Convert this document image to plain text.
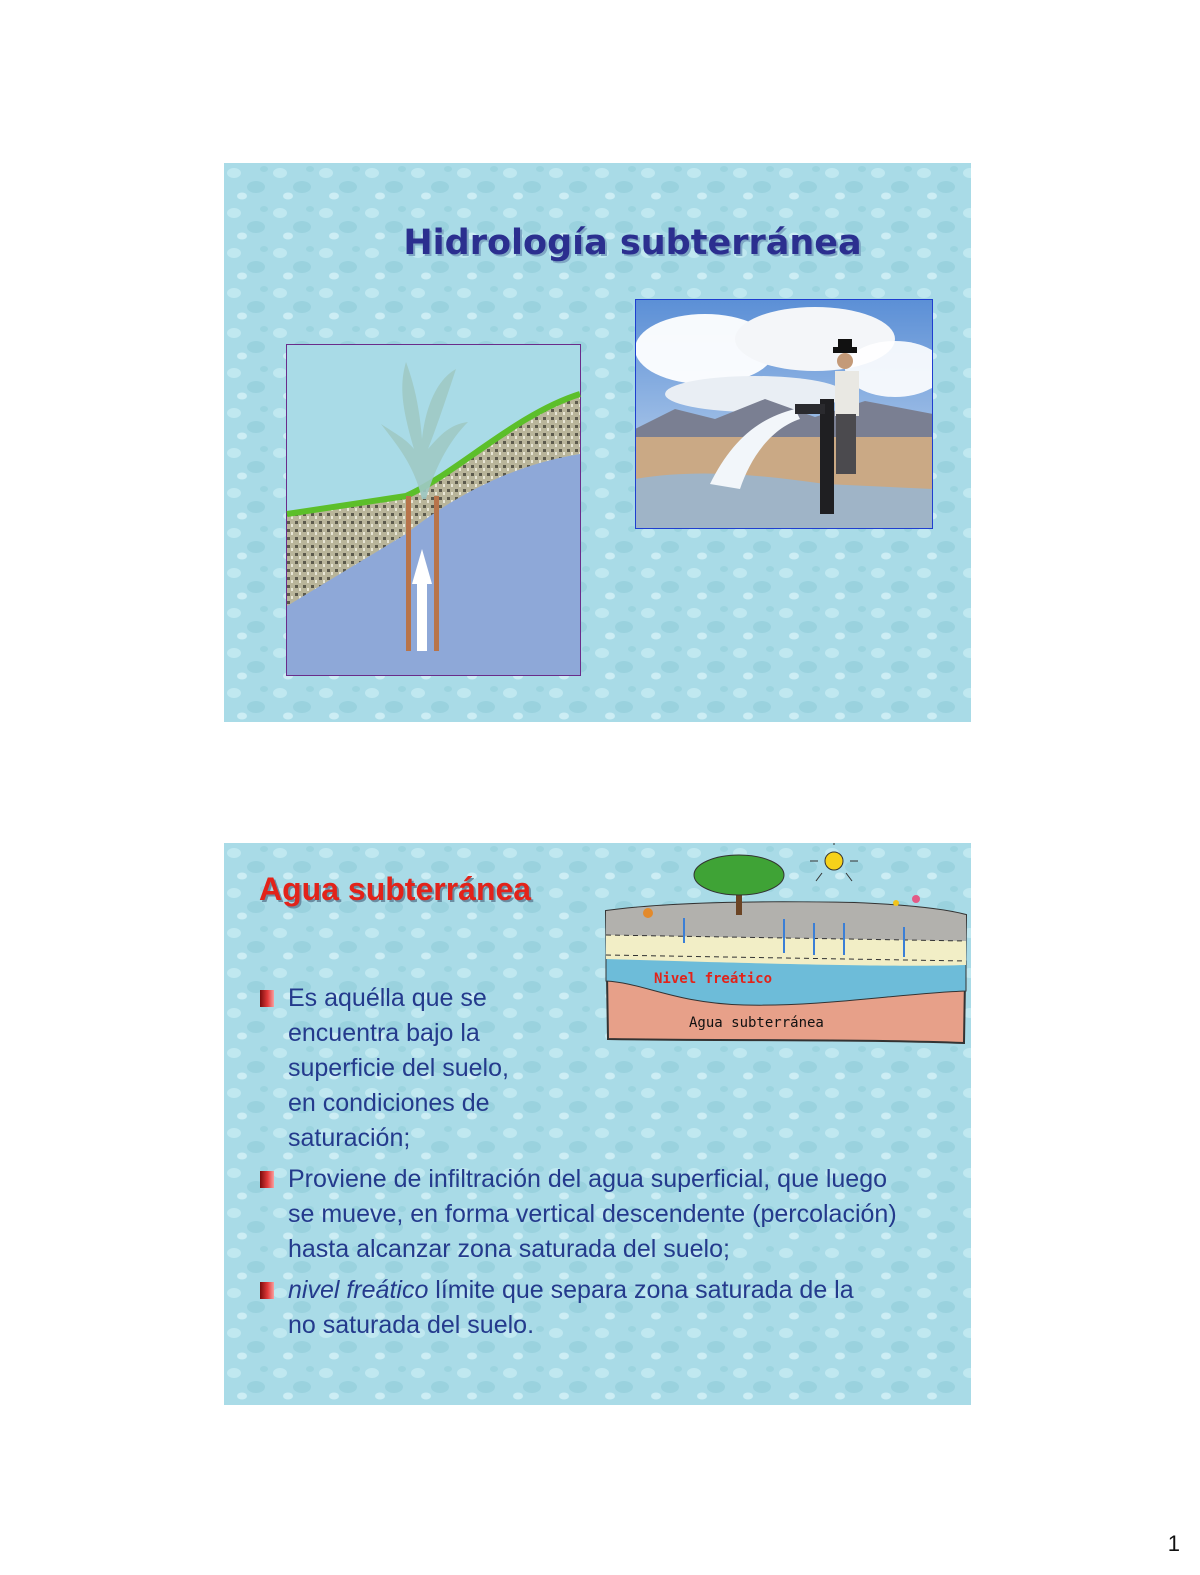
Hidrología subterránea
Agua subterránea
Nivel freático
Agua subterránea
Es aquélla que se encuentra bajo la superficie del suelo, en condiciones de saturación;
Proviene de infiltración del agua superficial, que luego se mueve, en forma vertical descendente (percolación) hasta alcanzar zona saturada del suelo;
nivel freático límite que separa zona saturada de la no saturada del suelo.
1
